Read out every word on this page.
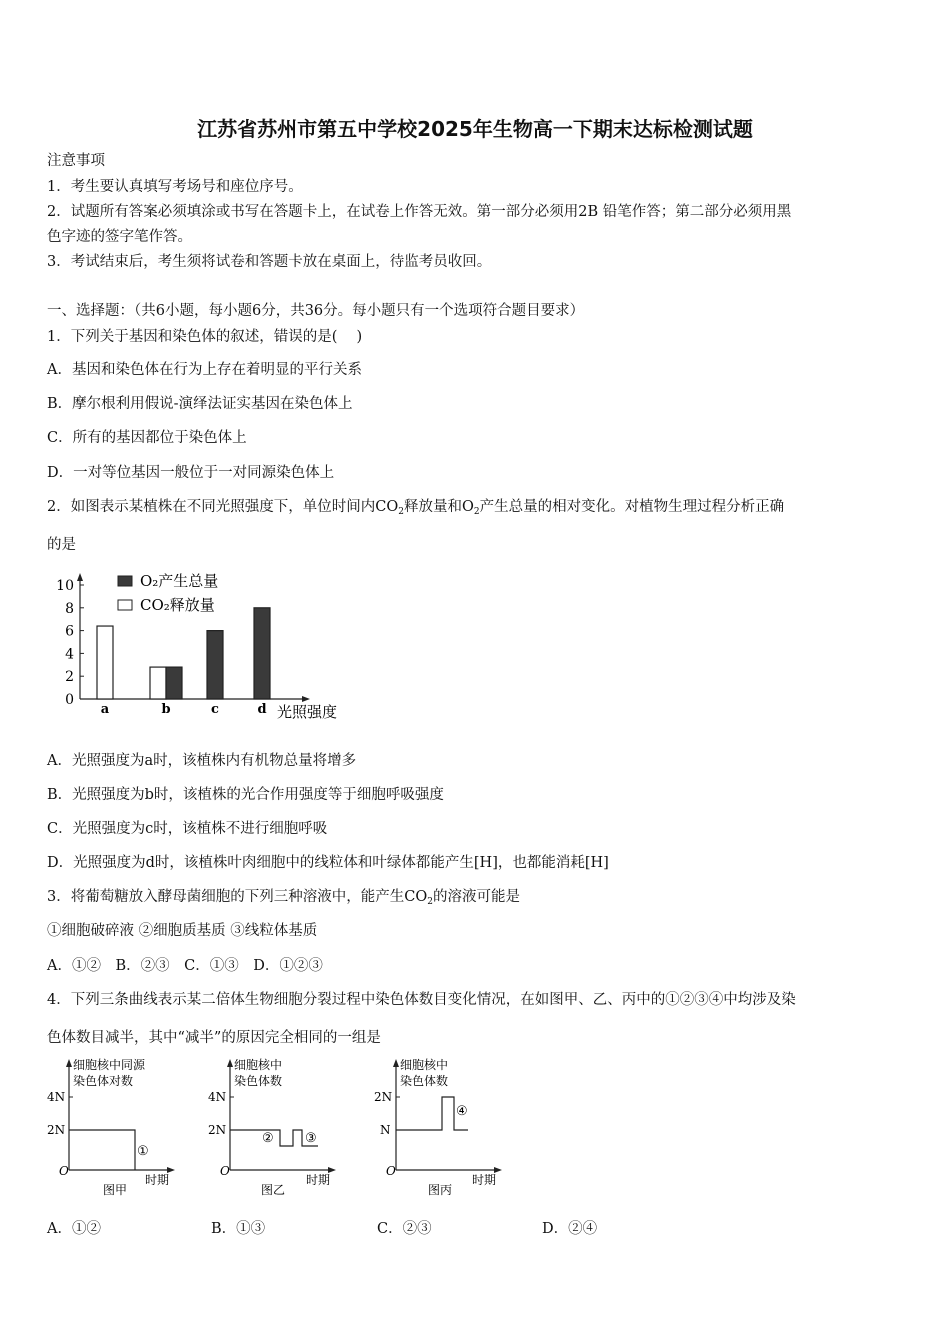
江苏省苏州市第五中学校2025年生物高一下期末达标检测试题
注意事项
1．考生要认真填写考场号和座位序号。
2．试题所有答案必须填涂或书写在答题卡上，在试卷上作答无效。第一部分必须用2B 铅笔作答；第二部分必须用黑
色字迹的签字笔作答。
3．考试结束后，考生须将试卷和答题卡放在桌面上，待监考员收回。
一、选择题：（共6小题，每小题6分，共36分。每小题只有一个选项符合题目要求）
1．下列关于基因和染色体的叙述，错误的是(　 )
A．基因和染色体在行为上存在着明显的平行关系
B．摩尔根利用假说-演绎法证实基因在染色体上
C．所有的基因都位于染色体上
D．一对等位基因一般位于一对同源染色体上
2．如图表示某植株在不同光照强度下，单位时间内$CO_2$释放量和$O_2$产生总量的相对变化。对植物生理过程分析正确
的是
0
2
4
6
8
10
a	b	c	d 光照强度
O₂产生总量
CO₂释放量
A．光照强度为a时，该植株内有机物总量将增多
B．光照强度为b时，该植株的光合作用强度等于细胞呼吸强度
C．光照强度为c时，该植株不进行细胞呼吸
D．光照强度为d时，该植株叶肉细胞中的线粒体和叶绿体都能产生[H]，也都能消耗[H]
3．将葡萄糖放入酵母菌细胞的下列三种溶液中，能产生$CO_2$的溶液可能是
①细胞破碎液 ②细胞质基质 ③线粒体基质
A．①②　B．②③　C．①③　D．①②③
4．下列三条曲线表示某二倍体生物细胞分裂过程中染色体数目变化情况，在如图甲、乙、丙中的①②③④中均涉及染
色体数目减半，其中“减半”的原因完全相同的一组是
细胞核中同源
染色体对数
4N
2N
①
O
时期
图甲
细胞核中
染色体数
4N
2N
② ③
O
时期
图乙
细胞核中
染色体数
2N
N
④
O
时期
图丙
A．①②	B．①③	C．②③	D．②④
